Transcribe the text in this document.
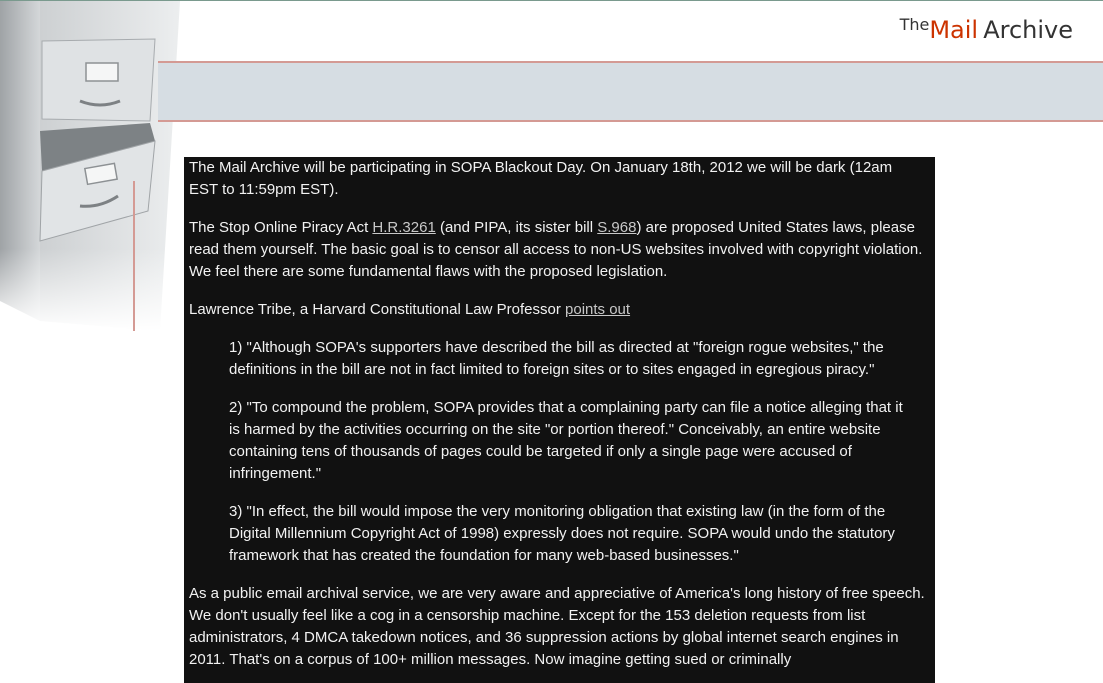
TheMail Archive

The Mail Archive will be participating in SOPA Blackout Day. On January 18th, 2012 we will be dark (12am EST to 11:59pm EST).

The Stop Online Piracy Act H.R.3261 (and PIPA, its sister bill S.968) are proposed United States laws, please read them yourself. The basic goal is to censor all access to non-US websites involved with copyright violation. We feel there are some fundamental flaws with the proposed legislation.

Lawrence Tribe, a Harvard Constitutional Law Professor points out

1) "Although SOPA's supporters have described the bill as directed at "foreign rogue websites," the definitions in the bill are not in fact limited to foreign sites or to sites engaged in egregious piracy."
2) "To compound the problem, SOPA provides that a complaining party can file a notice alleging that it is harmed by the activities occurring on the site "or portion thereof." Conceivably, an entire website containing tens of thousands of pages could be targeted if only a single page were accused of infringement."
3) "In effect, the bill would impose the very monitoring obligation that existing law (in the form of the Digital Millennium Copyright Act of 1998) expressly does not require. SOPA would undo the statutory framework that has created the foundation for many web-based businesses."

As a public email archival service, we are very aware and appreciative of America's long history of free speech. We don't usually feel like a cog in a censorship machine. Except for the 153 deletion requests from list administrators, 4 DMCA takedown notices, and 36 suppression actions by global internet search engines in 2011. That's on a corpus of 100+ million messages. Now imagine getting sued or criminally
